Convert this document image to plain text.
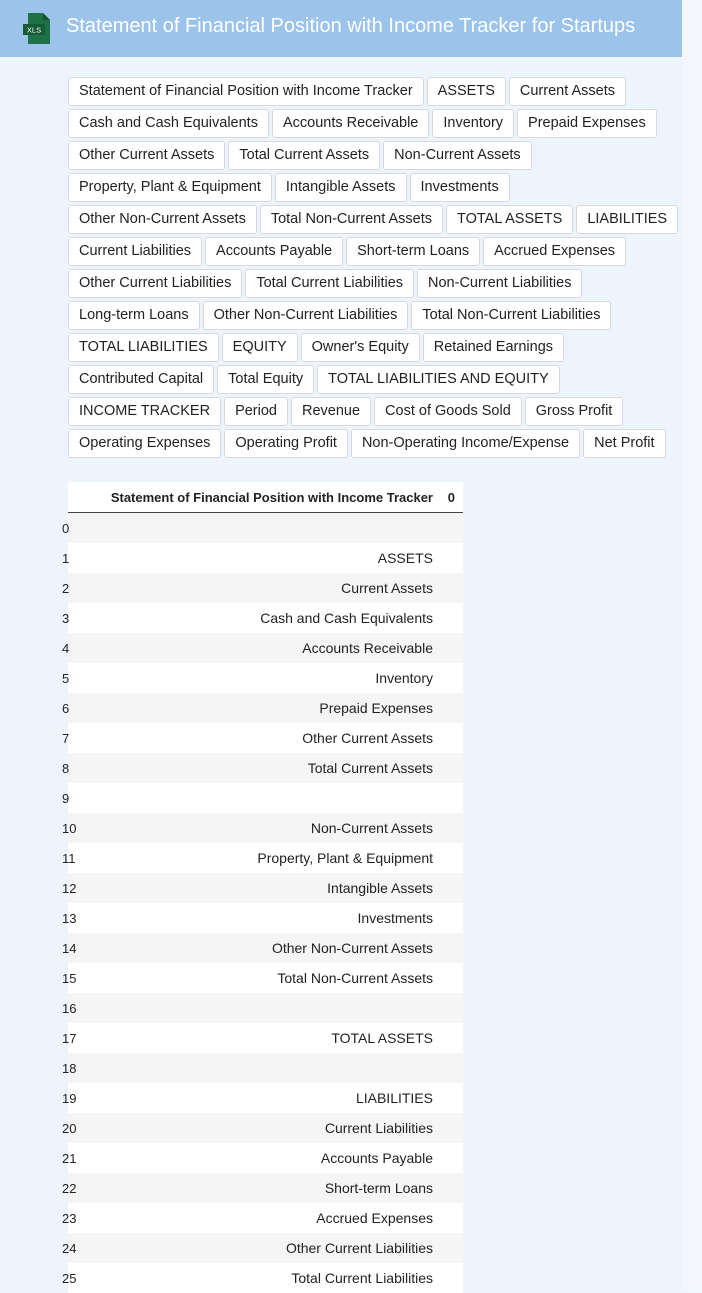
XLS Statement of Financial Position with Income Tracker for Startups
Statement of Financial Position with Income Tracker	ASSETS	Current Assets
Cash and Cash Equivalents	Accounts Receivable	Inventory	Prepaid Expenses
Other Current Assets	Total Current Assets	Non-Current Assets
Property, Plant & Equipment	Intangible Assets	Investments
Other Non-Current Assets	Total Non-Current Assets	TOTAL ASSETS	LIABILITIES
Current Liabilities	Accounts Payable	Short-term Loans	Accrued Expenses
Other Current Liabilities	Total Current Liabilities	Non-Current Liabilities
Long-term Loans	Other Non-Current Liabilities	Total Non-Current Liabilities
TOTAL LIABILITIES	EQUITY	Owner's Equity	Retained Earnings
Contributed Capital	Total Equity	TOTAL LIABILITIES AND EQUITY
INCOME TRACKER	Period	Revenue	Cost of Goods Sold	Gross Profit
Operating Expenses	Operating Profit	Non-Operating Income/Expense	Net Profit
Statement of Financial Position with Income Tracker 0
0
1	ASSETS
2	Current Assets
3	Cash and Cash Equivalents
4	Accounts Receivable
5	Inventory
6	Prepaid Expenses
7	Other Current Assets
8	Total Current Assets
9
10	Non-Current Assets
11	Property, Plant & Equipment
12	Intangible Assets
13	Investments
14	Other Non-Current Assets
15	Total Non-Current Assets
16
17	TOTAL ASSETS
18
19	LIABILITIES
20	Current Liabilities
21	Accounts Payable
22	Short-term Loans
23	Accrued Expenses
24	Other Current Liabilities
25	Total Current Liabilities
